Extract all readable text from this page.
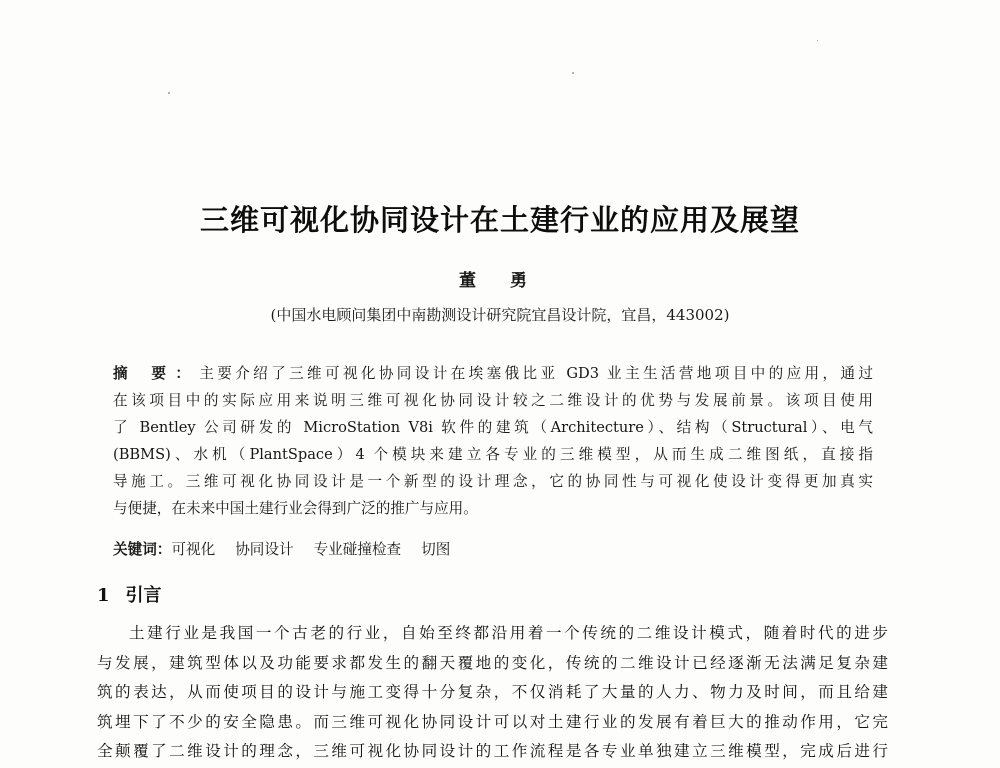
三维可视化协同设计在土建行业的应用及展望
董 勇
(中国水电顾问集团中南勘测设计研究院宜昌设计院，宜昌，443002)
摘 要：主要介绍了三维可视化协同设计在埃塞俄比亚 GD3 业主生活营地项目中的应用，通过
在该项目中的实际应用来说明三维可视化协同设计较之二维设计的优势与发展前景。该项目使用
了 Bentley 公司研发的 MicroStation V8i 软件的建筑（Architecture）、结构（Structural）、电气
(BBMS)、水机（PlantSpace）4 个模块来建立各专业的三维模型，从而生成二维图纸，直接指
导施工。三维可视化协同设计是一个新型的设计理念，它的协同性与可视化使设计变得更加真实
与便捷，在未来中国土建行业会得到广泛的推广与应用。
关键词：可视化 协同设计 专业碰撞检查 切图
1 引言
土建行业是我国一个古老的行业，自始至终都沿用着一个传统的二维设计模式，随着时代的进步
与发展，建筑型体以及功能要求都发生的翻天覆地的变化，传统的二维设计已经逐渐无法满足复杂建
筑的表达，从而使项目的设计与施工变得十分复杂，不仅消耗了大量的人力、物力及时间，而且给建
筑埋下了不少的安全隐患。而三维可视化协同设计可以对土建行业的发展有着巨大的推动作用，它完
全颠覆了二维设计的理念，三维可视化协同设计的工作流程是各专业单独建立三维模型，完成后进行
